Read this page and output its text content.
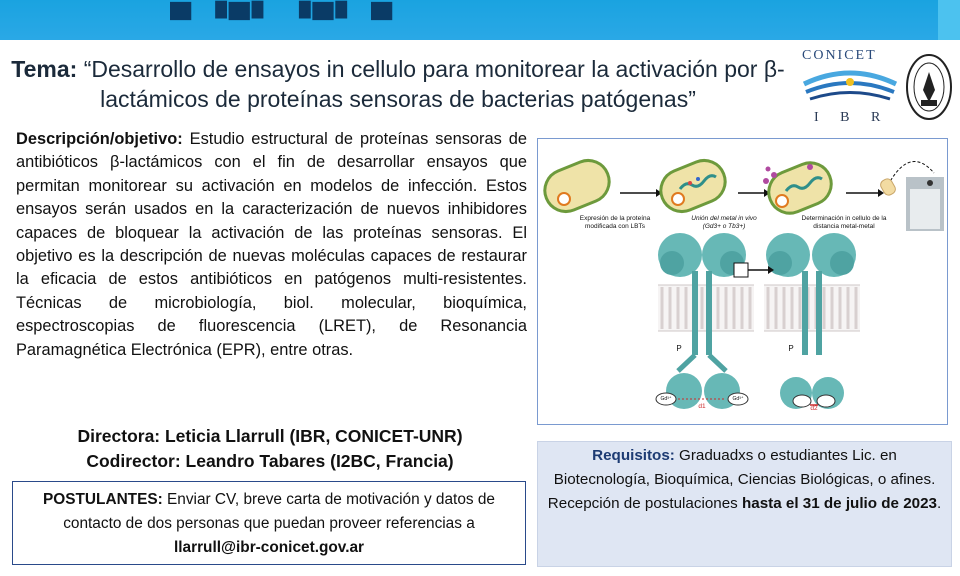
▄ ▗▄▖ ▗▄▖ ▄
Tema: “Desarrollo de ensayos in cellulo para monitorear la activación por β-lactámicos de proteínas sensoras de bacterias patógenas”
CONICET
I B R
Descripción/objetivo: Estudio estructural de proteínas sensoras de antibióticos β-lactámicos con el fin de desarrollar ensayos que permitan monitorear su activación en modelos de infección. Estos ensayos serán usados en la caracterización de nuevos inhibidores capaces de bloquear la activación de las proteínas sensoras. El objetivo es la descripción de nuevas moléculas capaces de restaurar la eficacia de estos antibióticos en patógenos multi-resistentes. Técnicas de microbiología, biol. molecular, bioquímica, espectroscopias de fluorescencia (LRET), de Resonancia Paramagnética Electrónica (EPR), entre otras.
Expresión de la proteína modificada con LBTs
Unión del metal in vivo (Gd3+ o Tb3+)
Determinación in cellulo de la distancia metal-metal
P	P
Gd³⁺	Gd³⁺
d1	d2
Directora: Leticia Llarrull (IBR, CONICET-UNR)
Codirector: Leandro Tabares (I2BC, Francia)
POSTULANTES: Enviar CV, breve carta de motivación y datos de contacto de dos personas que puedan proveer referencias a llarrull@ibr-conicet.gov.ar
Requisitos: Graduadxs o estudiantes Lic. en Biotecnología, Bioquímica, Ciencias Biológicas, o afines.
Recepción de postulaciones hasta el 31 de julio de 2023.
